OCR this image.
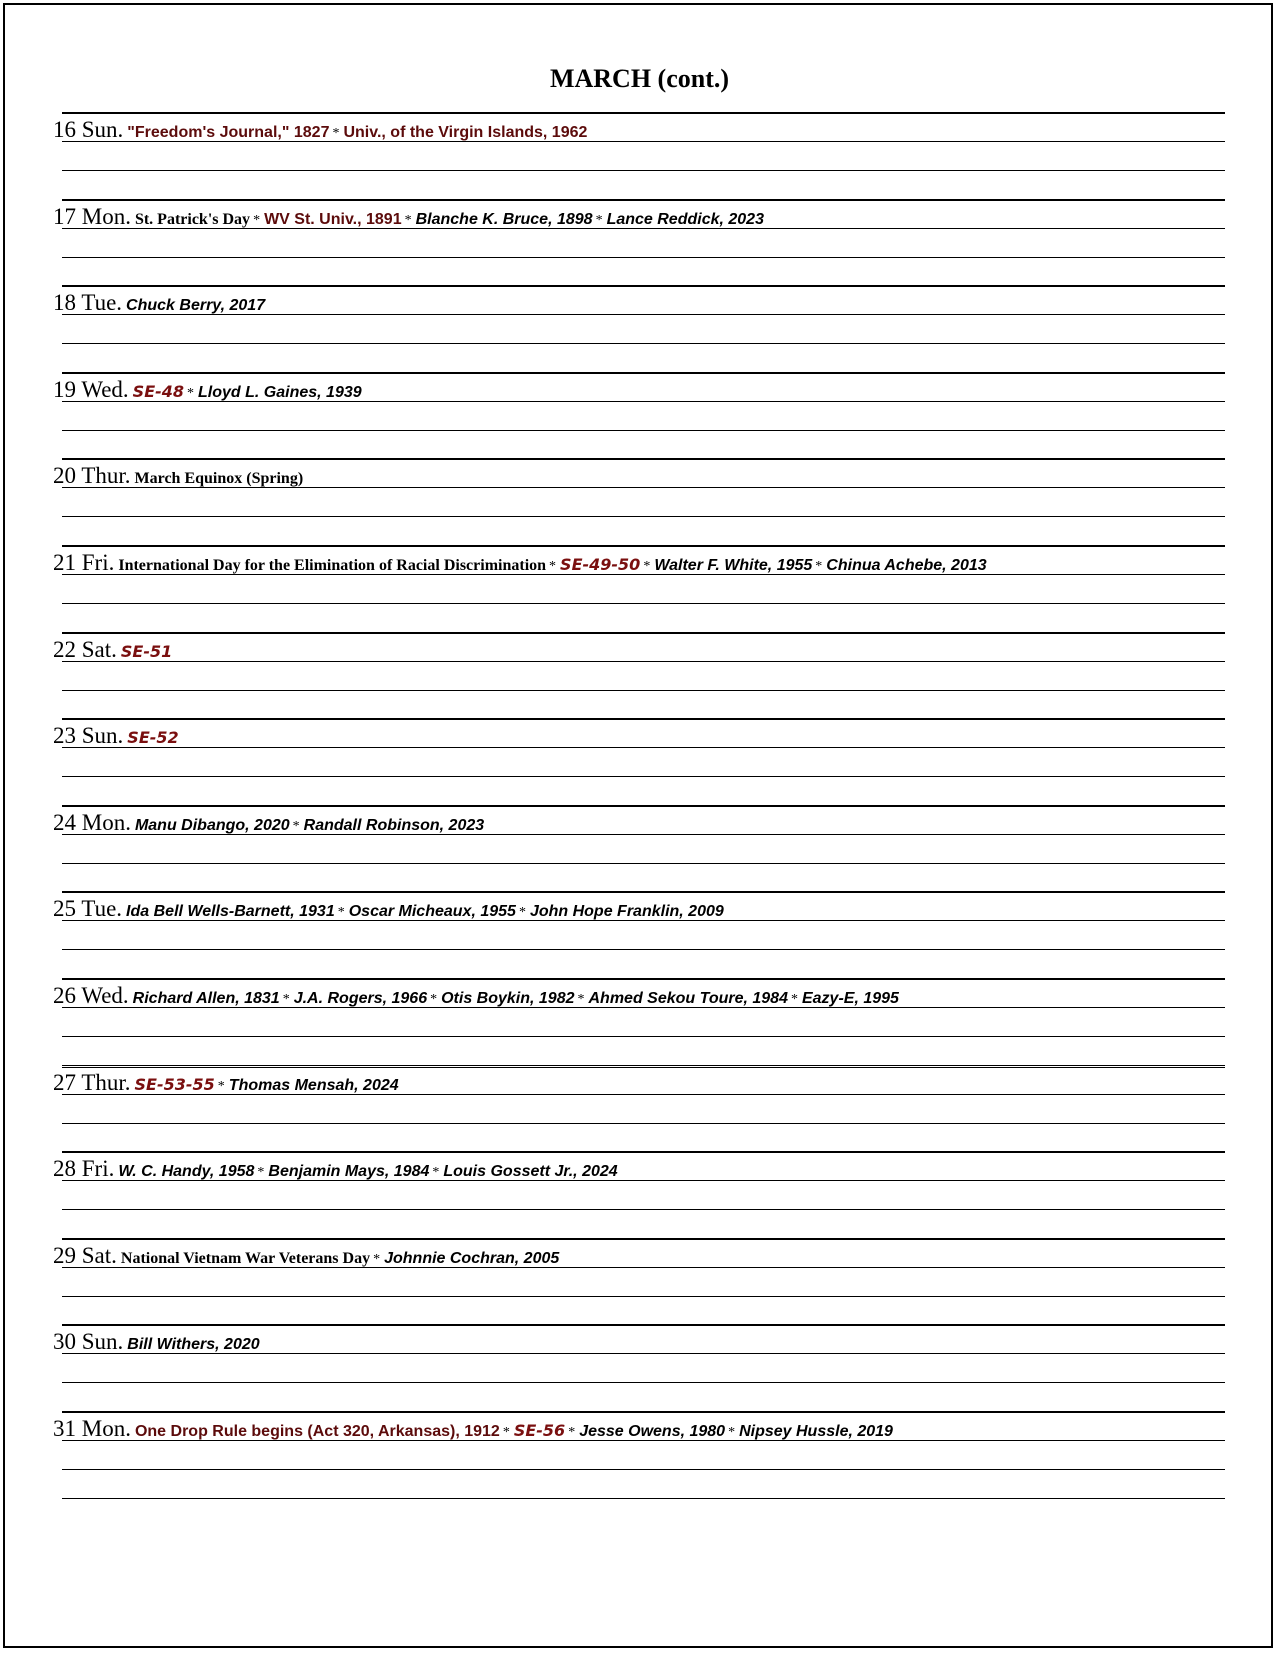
MARCH (cont.)
16 Sun. "Freedom's Journal," 1827 * Univ., of the Virgin Islands, 1962
17 Mon. St. Patrick's Day * WV St. Univ., 1891 * Blanche K. Bruce, 1898 * Lance Reddick, 2023
18 Tue. Chuck Berry, 2017
19 Wed. SE-48 * Lloyd L. Gaines, 1939
20 Thur. March Equinox (Spring)
21 Fri. International Day for the Elimination of Racial Discrimination * SE-49-50 * Walter F. White, 1955 * Chinua Achebe, 2013
22 Sat. SE-51
23 Sun. SE-52
24 Mon. Manu Dibango, 2020 * Randall Robinson, 2023
25 Tue. Ida Bell Wells-Barnett, 1931 * Oscar Micheaux, 1955 * John Hope Franklin, 2009
26 Wed. Richard Allen, 1831 * J.A. Rogers, 1966 * Otis Boykin, 1982 * Ahmed Sekou Toure, 1984 * Eazy-E, 1995
27 Thur. SE-53-55 * Thomas Mensah, 2024
28 Fri. W. C. Handy, 1958 * Benjamin Mays, 1984 * Louis Gossett Jr., 2024
29 Sat. National Vietnam War Veterans Day * Johnnie Cochran, 2005
30 Sun. Bill Withers, 2020
31 Mon. One Drop Rule begins (Act 320, Arkansas), 1912 * SE-56 * Jesse Owens, 1980 * Nipsey Hussle, 2019
